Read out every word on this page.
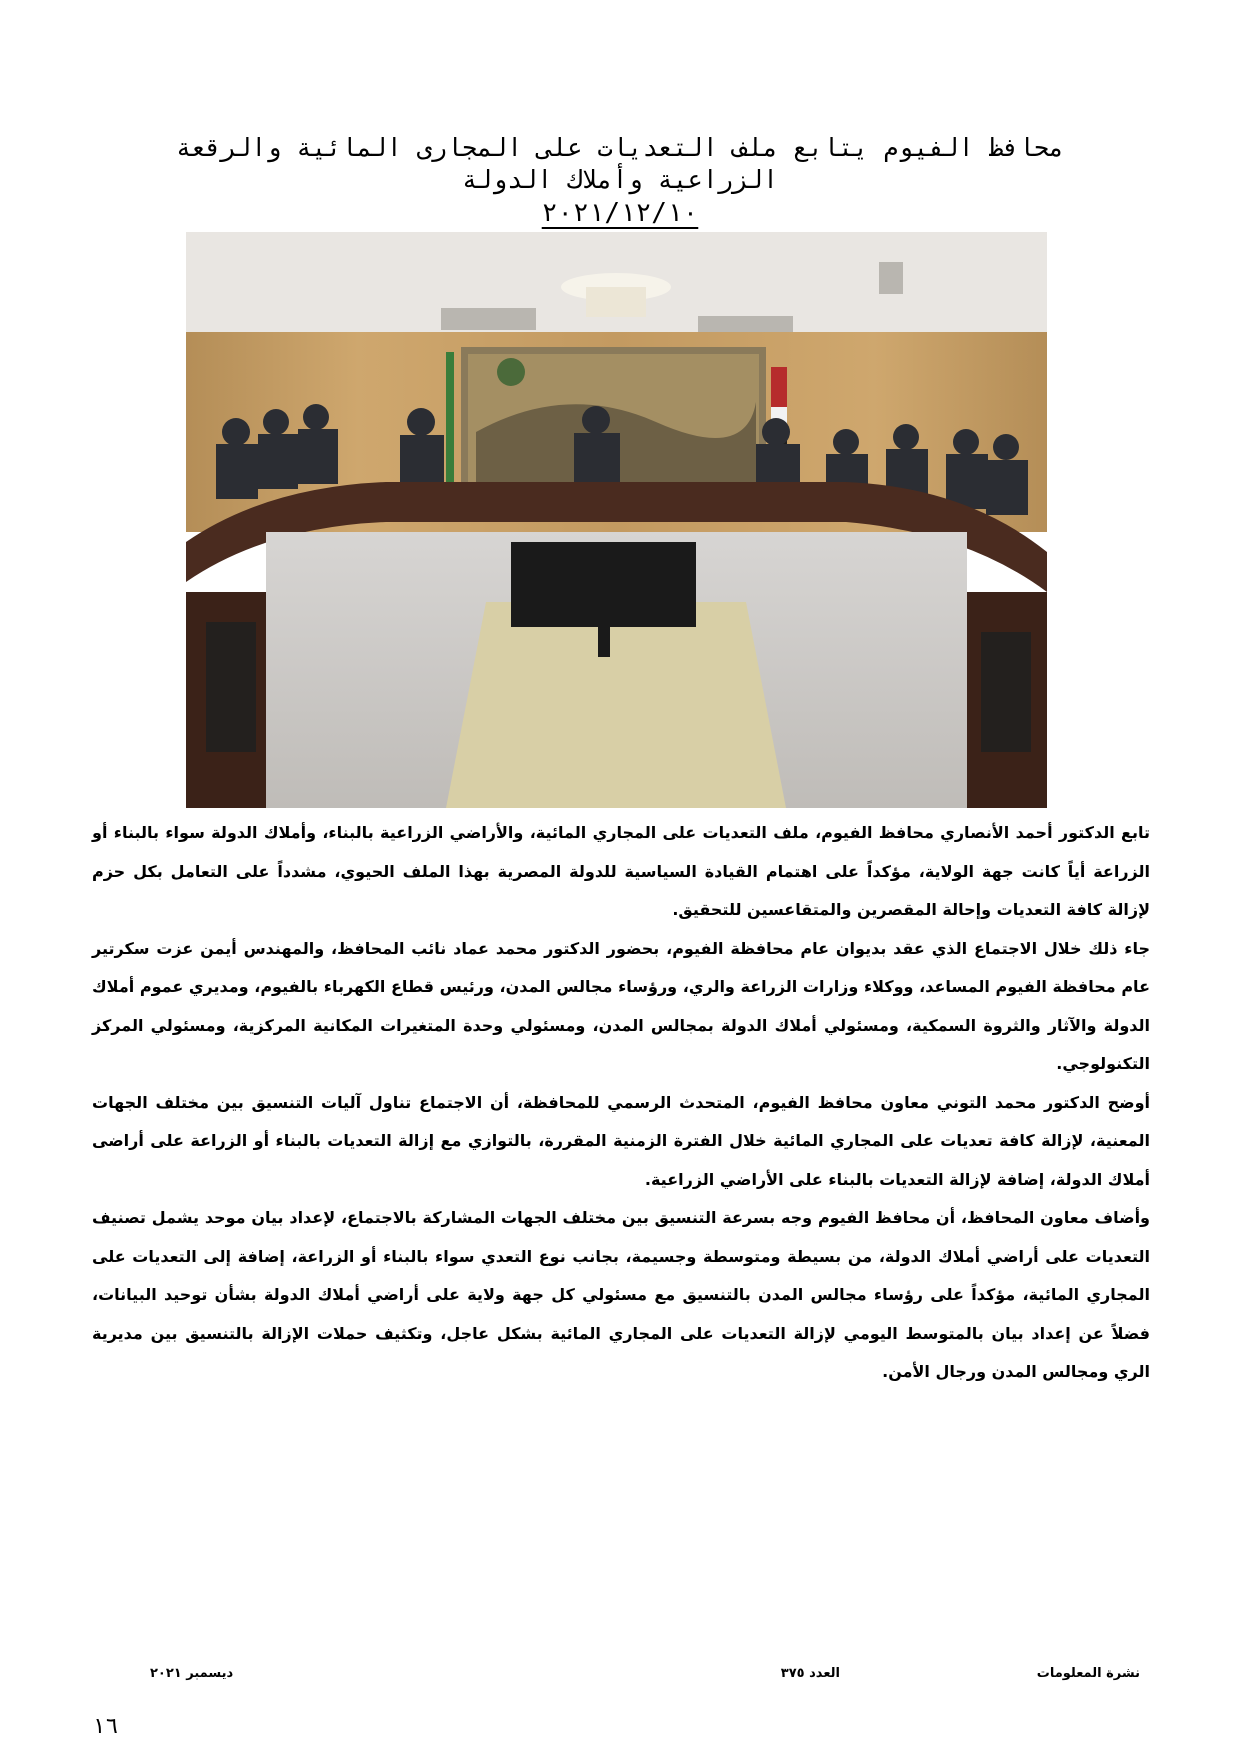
محافظ الفيوم يتابع ملف التعديات على المجارى المائية والرقعة
الزراعية وأملاك الدولة
٢٠٢١/١٢/١٠

تابع الدكتور أحمد الأنصاري محافظ الفيوم، ملف التعديات على المجاري المائية، والأراضي الزراعية بالبناء، وأملاك الدولة سواء بالبناء أو الزراعة أياً كانت جهة الولاية، مؤكداً على اهتمام القيادة السياسية للدولة المصرية بهذا الملف الحيوي، مشدداً على التعامل بكل حزم لإزالة كافة التعديات وإحالة المقصرين والمتقاعسين للتحقيق.

جاء ذلك خلال الاجتماع الذي عقد بديوان عام محافظة الفيوم، بحضور الدكتور محمد عماد نائب المحافظ، والمهندس أيمن عزت سكرتير عام محافظة الفيوم المساعد، ووكلاء وزارات الزراعة والري، ورؤساء مجالس المدن، ورئيس قطاع الكهرباء بالفيوم، ومديري عموم أملاك الدولة والآثار والثروة السمكية، ومسئولي أملاك الدولة بمجالس المدن، ومسئولي وحدة المتغيرات المكانية المركزية، ومسئولي المركز التكنولوجي.

أوضح الدكتور محمد التوني معاون محافظ الفيوم، المتحدث الرسمي للمحافظة، أن الاجتماع تناول آليات التنسيق بين مختلف الجهات المعنية، لإزالة كافة تعديات على المجاري المائية خلال الفترة الزمنية المقررة، بالتوازي مع إزالة التعديات بالبناء أو الزراعة على أراضى أملاك الدولة، إضافة لإزالة التعديات بالبناء على الأراضي الزراعية.

وأضاف معاون المحافظ، أن محافظ الفيوم وجه بسرعة التنسيق بين مختلف الجهات المشاركة بالاجتماع، لإعداد بيان موحد يشمل تصنيف التعديات على أراضي أملاك الدولة، من بسيطة ومتوسطة وجسيمة، بجانب نوع التعدي سواء بالبناء أو الزراعة، إضافة إلى التعديات على المجاري المائية، مؤكداً على رؤساء مجالس المدن بالتنسيق مع مسئولي كل جهة ولاية على أراضي أملاك الدولة بشأن توحيد البيانات، فضلاً عن إعداد بيان بالمتوسط اليومي لإزالة التعديات على المجاري المائية بشكل عاجل، وتكثيف حملات الإزالة بالتنسيق بين مديرية الري ومجالس المدن ورجال الأمن.

نشرة المعلومات
العدد ٣٧٥
ديسمبر ٢٠٢١
١٦
